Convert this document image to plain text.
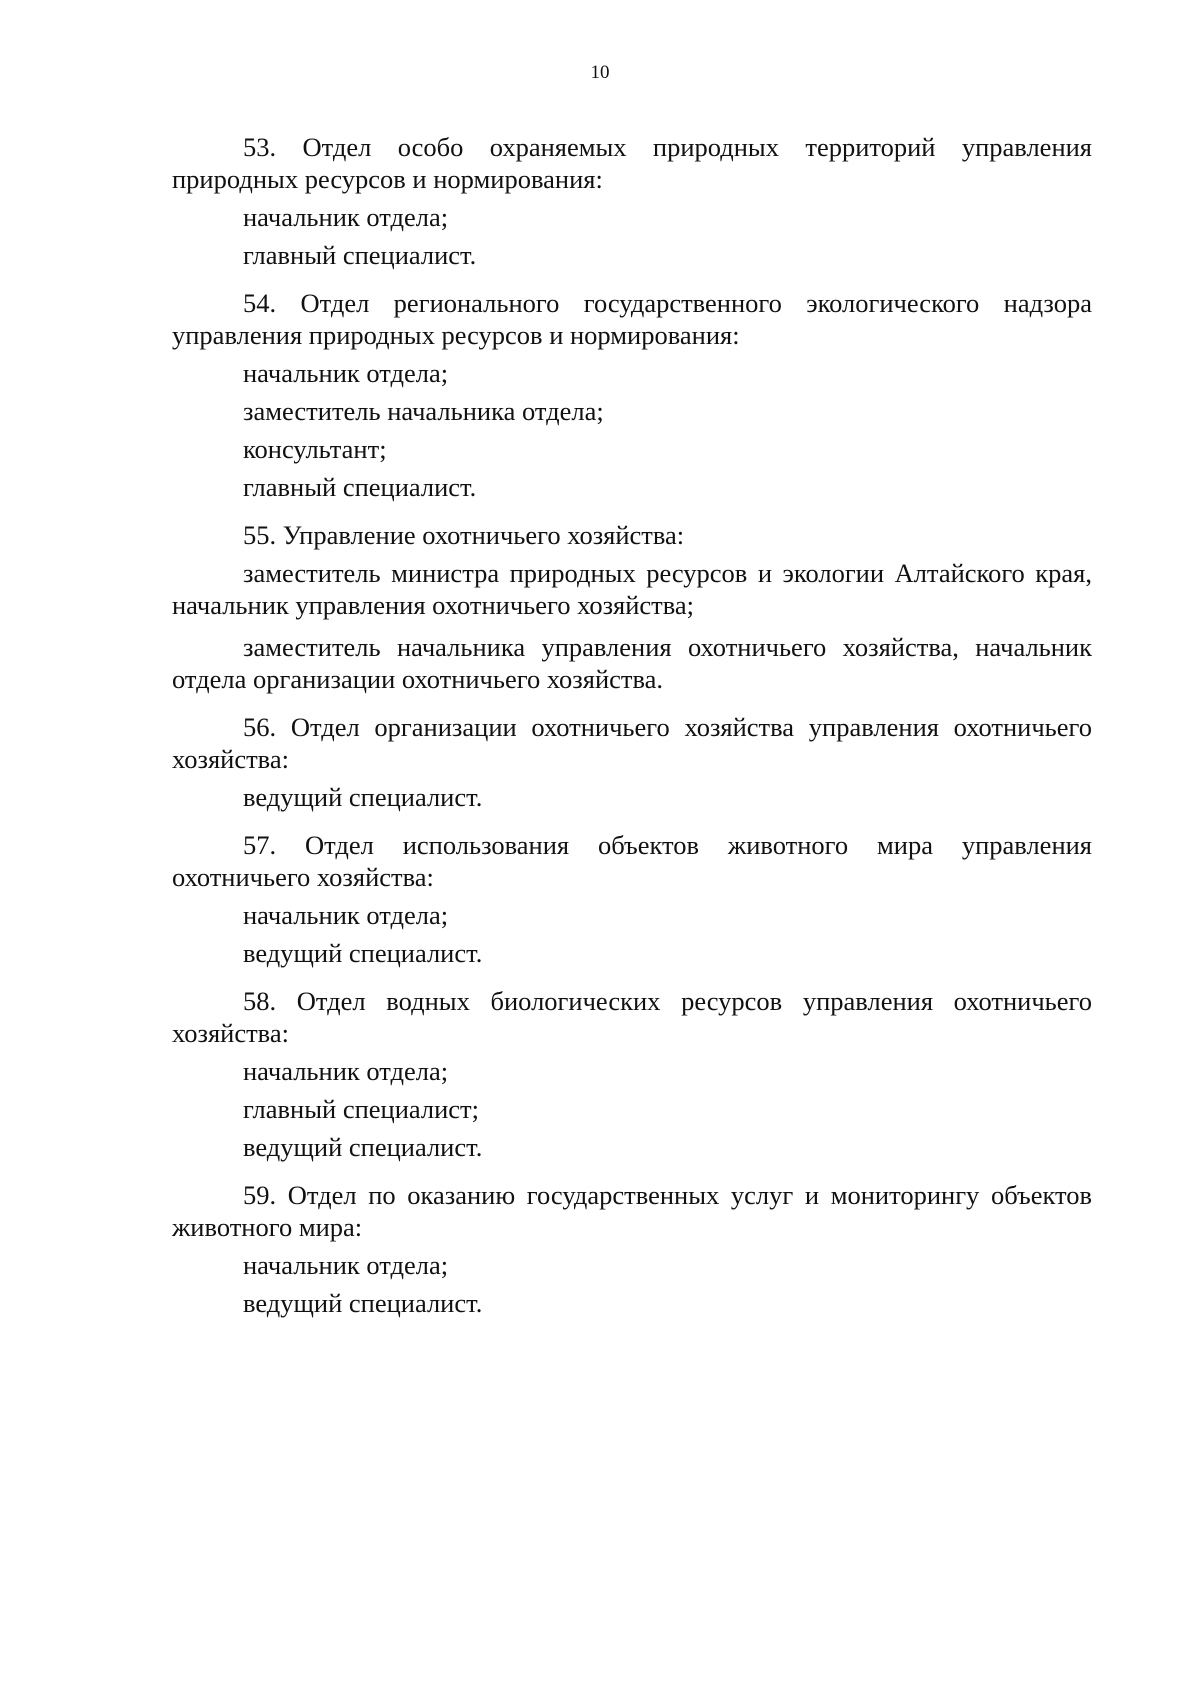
10

53. Отдел особо охраняемых природных территорий управления природных ресурсов и нормирования:

начальник отдела;

главный специалист.

54. Отдел регионального государственного экологического надзора управления природных ресурсов и нормирования:

начальник отдела;

заместитель начальника отдела;

консультант;

главный специалист.

55. Управление охотничьего хозяйства:

заместитель министра природных ресурсов и экологии Алтайского края, начальник управления охотничьего хозяйства;

заместитель начальника управления охотничьего хозяйства, начальник отдела организации охотничьего хозяйства.

56. Отдел организации охотничьего хозяйства управления охотничьего хозяйства:

ведущий специалист.

57. Отдел использования объектов животного мира управления охотничьего хозяйства:

начальник отдела;

ведущий специалист.

58. Отдел водных биологических ресурсов управления охотничьего хозяйства:

начальник отдела;

главный специалист;

ведущий специалист.

59. Отдел по оказанию государственных услуг и мониторингу объектов животного мира:

начальник отдела;

ведущий специалист.
